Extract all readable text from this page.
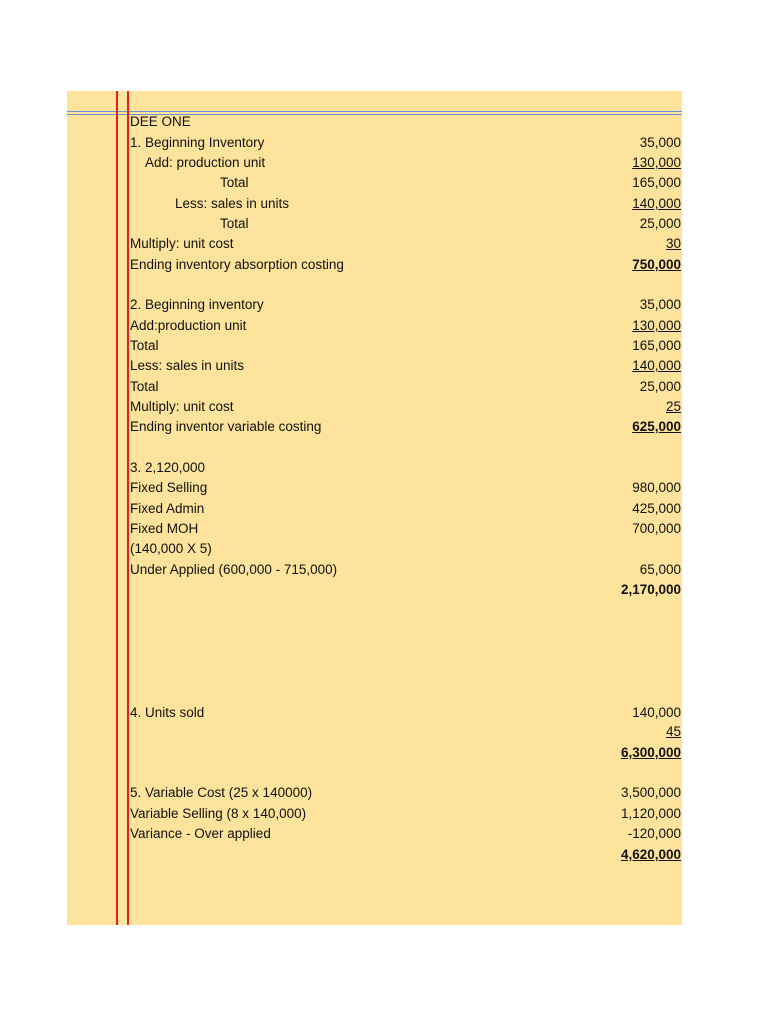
DEE ONE
1. Beginning Inventory	35,000
Add: production unit	130,000
Total	165,000
Less: sales in units	140,000
Total	25,000
Multiply: unit cost	30
Ending inventory absorption costing	750,000
2. Beginning inventory	35,000
Add:production unit	130,000
Total	165,000
Less: sales in units	140,000
Total	25,000
Multiply: unit cost	25
Ending inventor variable costing	625,000
3. 2,120,000
Fixed Selling	980,000
Fixed Admin	425,000
Fixed MOH	700,000
(140,000 X 5)
Under Applied (600,000 - 715,000)	65,000
2,170,000
4. Units sold	140,000
45
6,300,000
5. Variable Cost (25 x 140000)	3,500,000
Variable Selling (8 x 140,000)	1,120,000
Variance - Over applied	-120,000
4,620,000
